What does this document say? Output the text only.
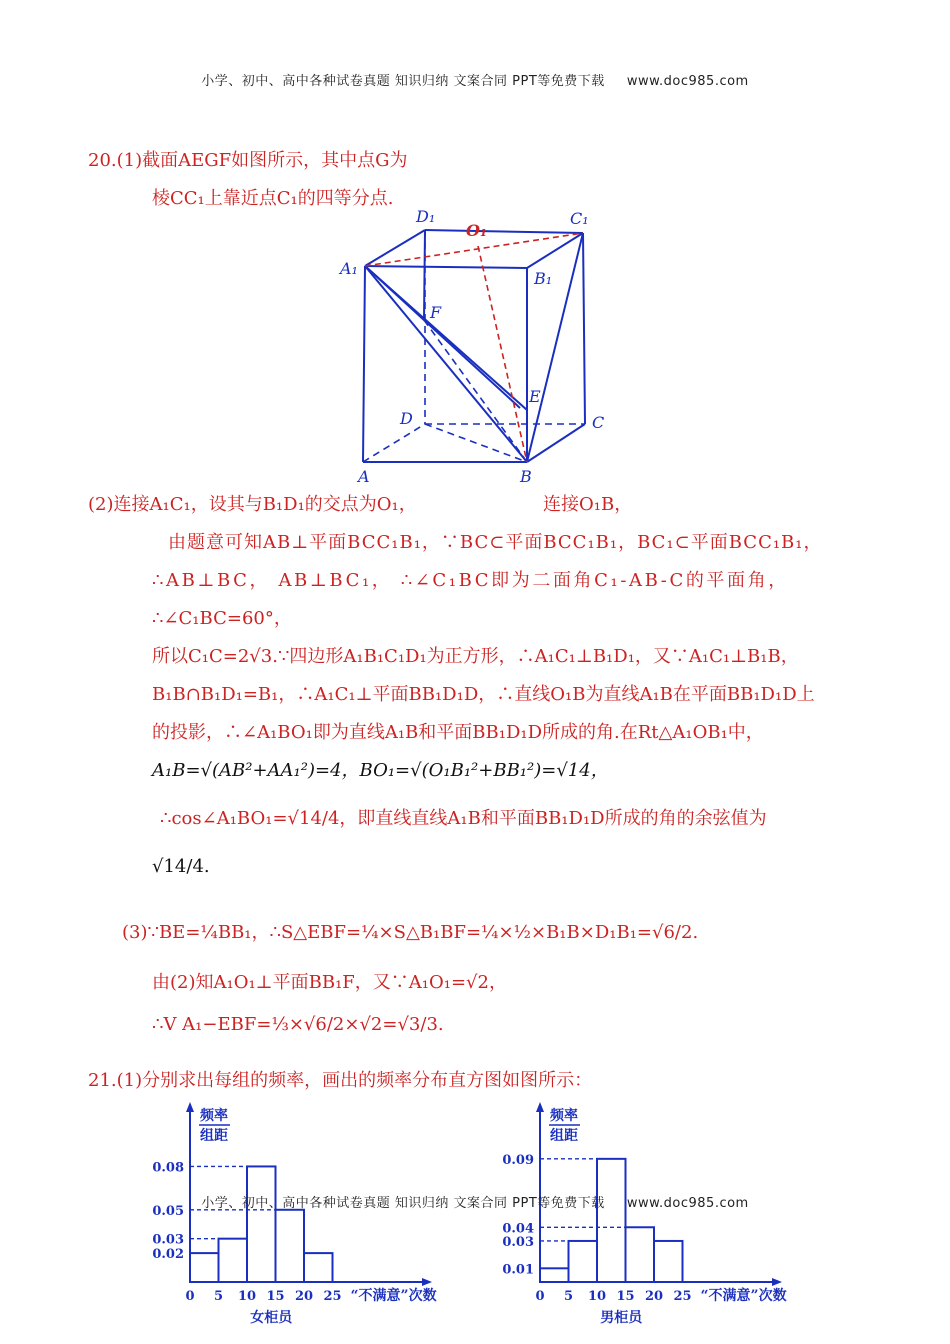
小学、初中、高中各种试卷真题 知识归纳 文案合同 PPT等免费下载 www.doc985.com
20.(1)截面AEGF如图所示，其中点G为
棱CC₁上靠近点C₁的四等分点.
D₁	C₁
A₁
B₁
F
E
D	C
A	B
O₁
(2)连接A₁C₁，设其与B₁D₁的交点为O₁，	连接O₁B，
由题意可知AB⊥平面BCC₁B₁，∵BC⊂平面BCC₁B₁，BC₁⊂平面BCC₁B₁，
∴AB⊥BC， AB⊥BC₁， ∴∠C₁BC即为二面角C₁-AB-C的平面角，
∴∠C₁BC=60°，
所以C₁C=2√3.∵四边形A₁B₁C₁D₁为正方形，∴A₁C₁⊥B₁D₁，又∵A₁C₁⊥B₁B，
B₁B∩B₁D₁=B₁，∴A₁C₁⊥平面BB₁D₁D，∴直线O₁B为直线A₁B在平面BB₁D₁D上
的投影，∴∠A₁BO₁即为直线A₁B和平面BB₁D₁D所成的角.在Rt△A₁OB₁中，
A₁B=√(AB²+AA₁²)=4，BO₁=√(O₁B₁²+BB₁²)=√14，
∴cos∠A₁BO₁=√14/4，即直线直线A₁B和平面BB₁D₁D所成的角的余弦值为
√14/4.
(3)∵BE=¼BB₁，∴S△EBF=¼×S△B₁BF=¼×½×B₁B×D₁B₁=√6/2.
由(2)知A₁O₁⊥平面BB₁F，又∵A₁O₁=√2，
∴V A₁−EBF=⅓×√6/2×√2=√3/3.
21.(1)分别求出每组的频率，画出的频率分布直方图如图所示：
频率
组距
0.02
0.03
0.05
0.08
0 5 10 15 20 25 “不满意”次数
女柜员
频率
组距
0.01
0.03
0.04
0.09
0 5 10 15 20 25 “不满意”次数
男柜员
小学、初中、高中各种试卷真题 知识归纳 文案合同 PPT等免费下载 www.doc985.com
